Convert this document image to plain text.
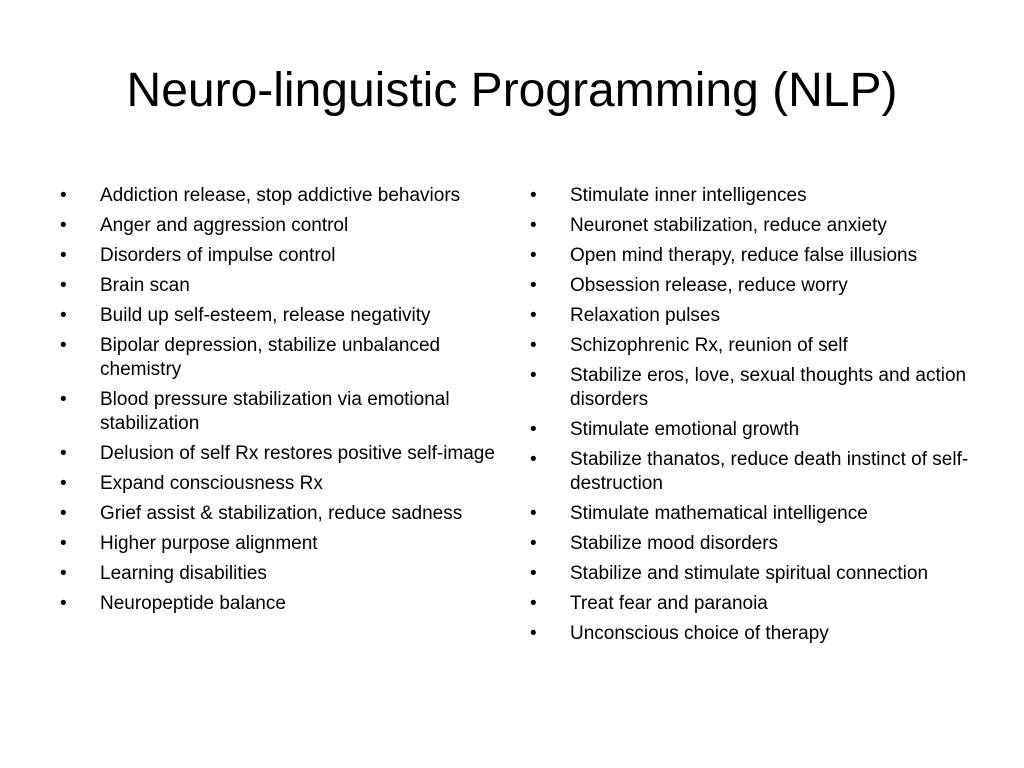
Neuro-linguistic Programming (NLP)
•	Addiction release, stop addictive behaviors
•	Anger and aggression control
•	Disorders of impulse control
•	Brain scan
•	Build up self-esteem, release negativity
•	Bipolar depression, stabilize unbalanced chemistry
•	Blood pressure stabilization via emotional stabilization
•	Delusion of self Rx restores positive self-image
•	Expand consciousness Rx
•	Grief assist & stabilization, reduce sadness
•	Higher purpose alignment
•	Learning disabilities
•	Neuropeptide balance
•	Stimulate inner intelligences
•	Neuronet stabilization, reduce anxiety
•	Open mind therapy, reduce false illusions
•	Obsession release, reduce worry
•	Relaxation pulses
•	Schizophrenic Rx, reunion of self
•	Stabilize eros, love, sexual thoughts and action disorders
•	Stimulate emotional growth
•	Stabilize thanatos, reduce death instinct of self-destruction
•	Stimulate mathematical intelligence
•	Stabilize mood disorders
•	Stabilize and stimulate spiritual connection
•	Treat fear and paranoia
•	Unconscious choice of therapy
